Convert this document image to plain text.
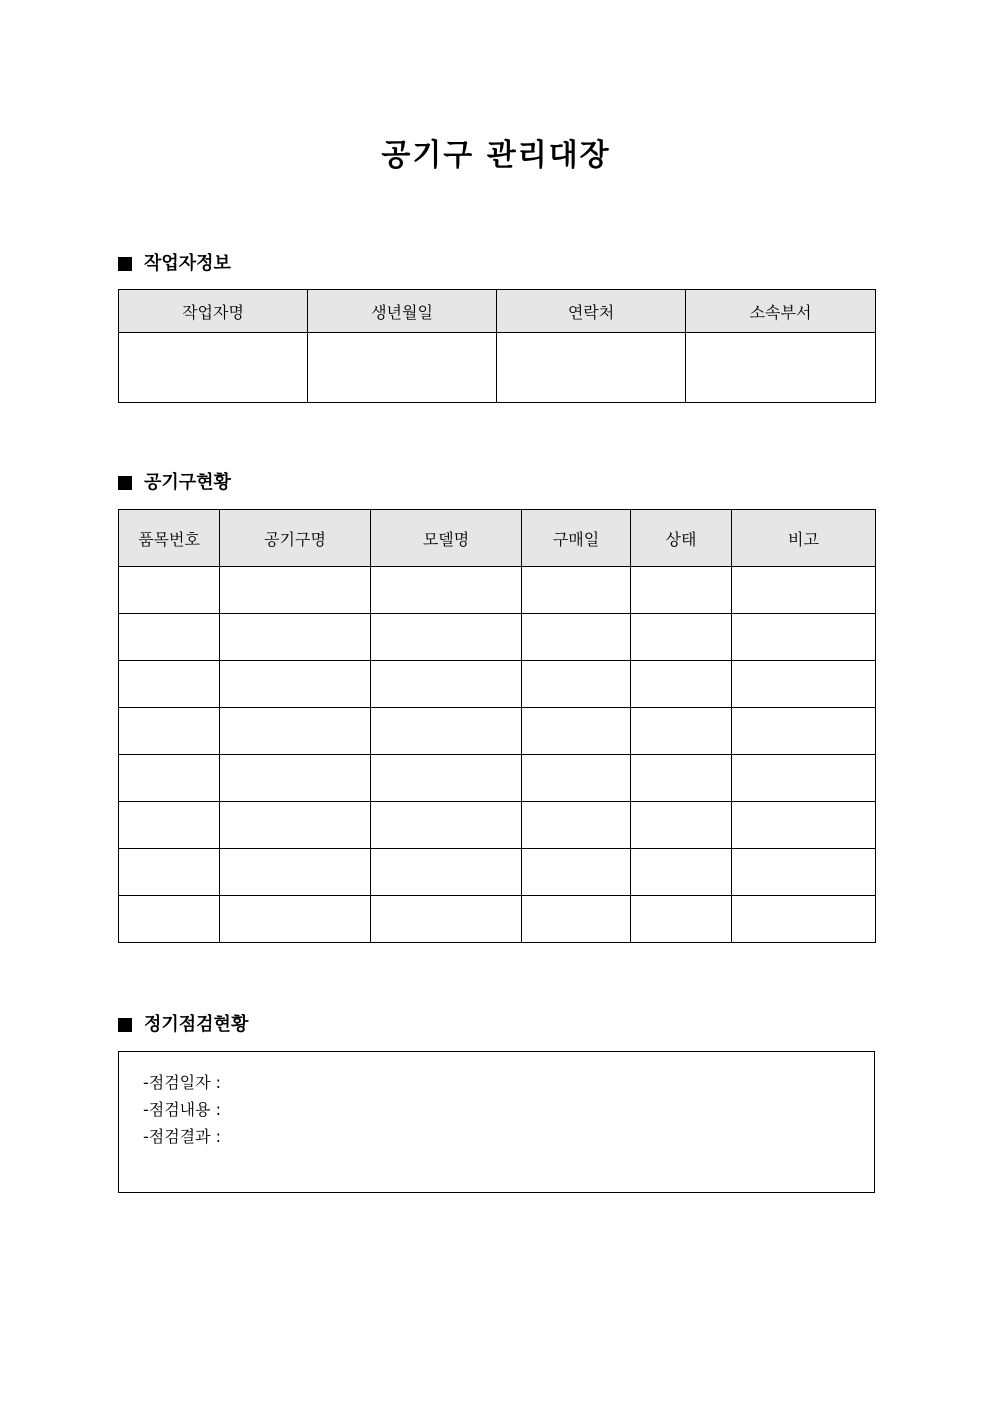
공기구 관리대장
작업자정보
작업자명	생년월일	연락처	소속부서

공기구현황
품목번호	공기구명	모델명	구매일	상태	비고

정기점검현황
-점검일자 :
-점검내용 :
-점검결과 :
